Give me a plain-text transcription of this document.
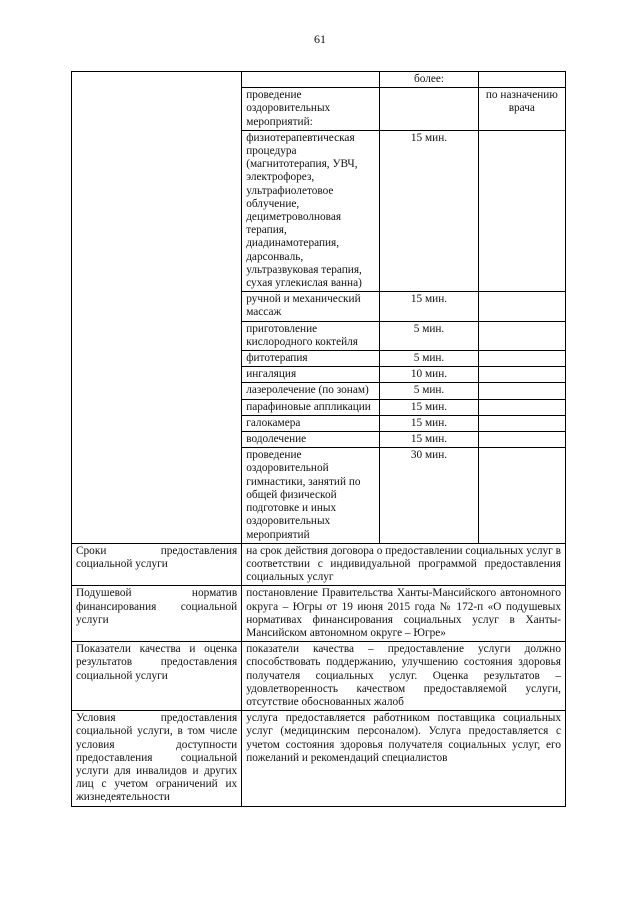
61
		более:	
	проведение оздоровительных мероприятий:		по назначению врача
	физиотерапевтическая процедура (магнитотерапия, УВЧ, электрофорез, ультрафиолетовое облучение, дециметроволновая терапия, диадинамотерапия, дарсонваль, ультразвуковая терапия, сухая углекислая ванна)	15 мин.	
	ручной и механический массаж	15 мин.	
	приготовление кислородного коктейля	5 мин.	
	фитотерапия	5 мин.	
	ингаляция	10 мин.	
	лазеролечение (по зонам)	5 мин.	
	парафиновые аппликации	15 мин.	
	галокамера	15 мин.	
	водолечение	15 мин.	
	проведение оздоровительной гимнастики, занятий по общей физической подготовке и иных оздоровительных мероприятий	30 мин.	
Сроки предоставления социальной услуги	на срок действия договора о предоставлении социальных услуг в соответствии с индивидуальной программой предоставления социальных услуг		
Подушевой норматив финансирования социальной услуги	постановление Правительства Ханты-Мансийского автономного округа – Югры от 19 июня 2015 года № 172-п «О подушевых нормативах финансирования социальных услуг в Ханты-Мансийском автономном округе – Югре»		
Показатели качества и оценка результатов предоставления социальной услуги	показатели качества – предоставление услуги должно способствовать поддержанию, улучшению состояния здоровья получателя социальных услуг. Оценка результатов – удовлетворенность качеством предоставляемой услуги, отсутствие обоснованных жалоб		
Условия предоставления социальной услуги, в том числе условия доступности предоставления социальной услуги для инвалидов и других лиц с учетом ограничений их жизнедеятельности	услуга предоставляется работником поставщика социальных услуг (медицинским персоналом). Услуга предоставляется с учетом состояния здоровья получателя социальных услуг, его пожеланий и рекомендаций специалистов		
